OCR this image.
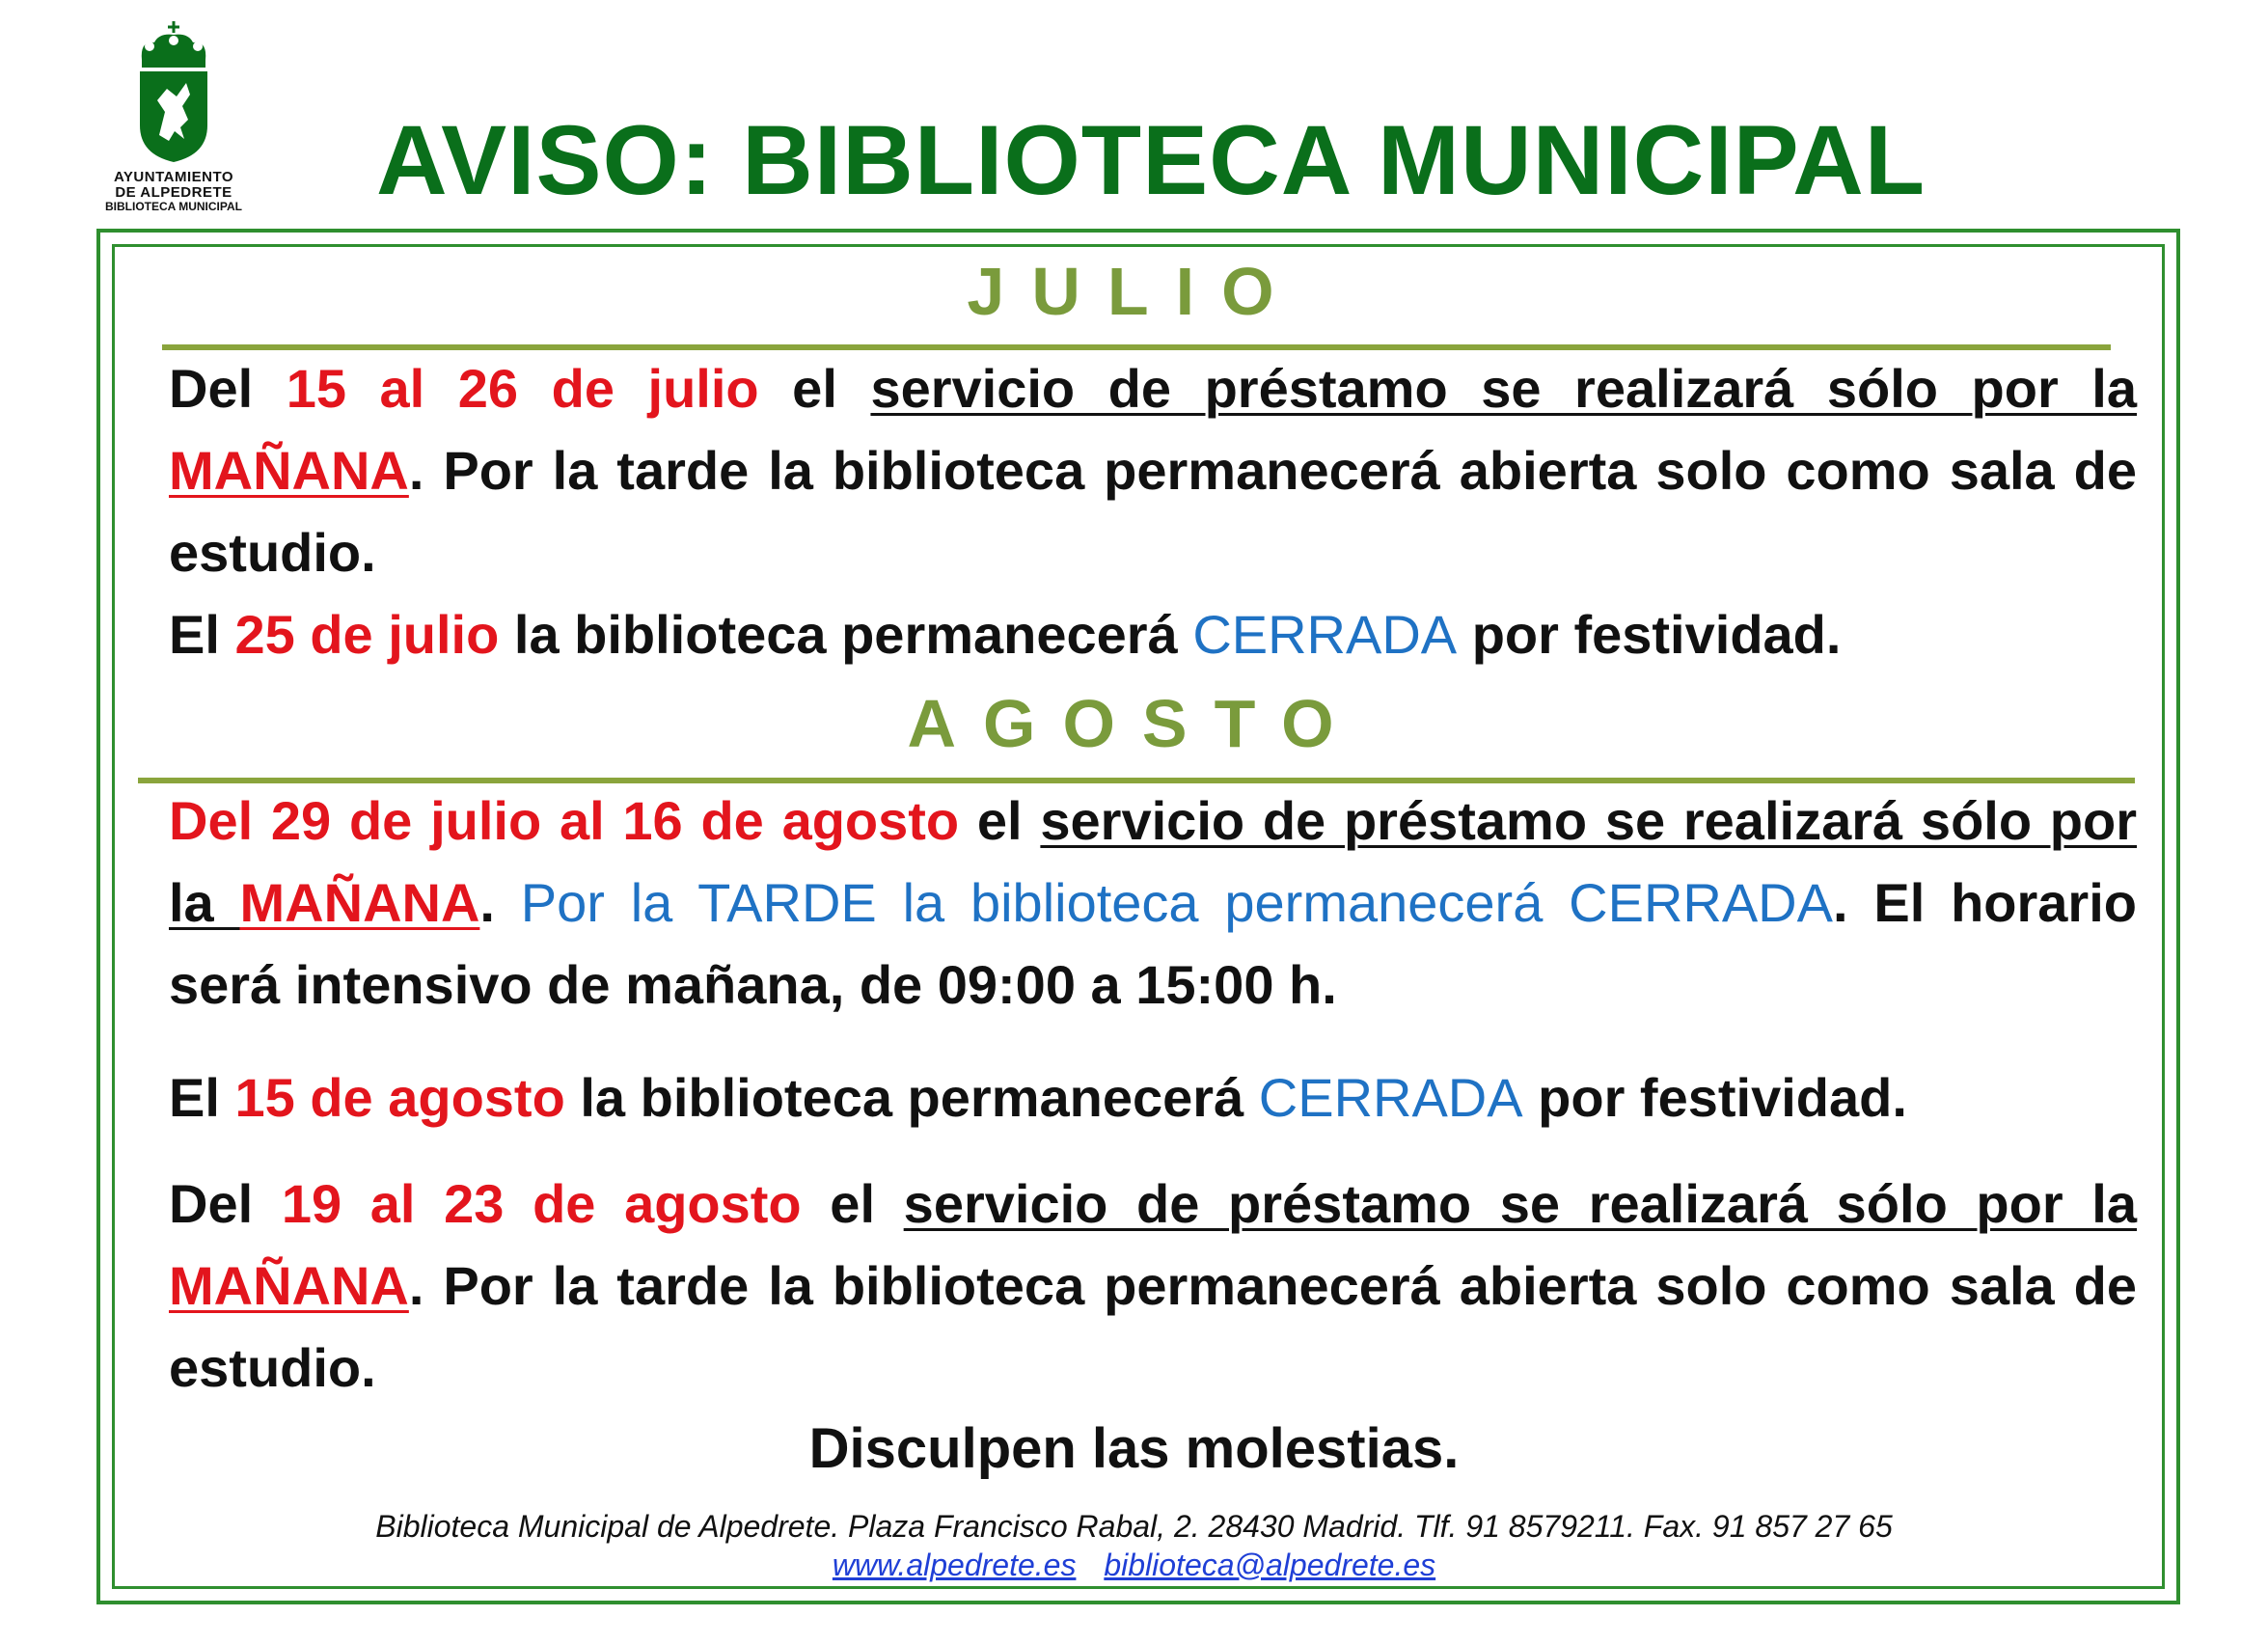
AYUNTAMIENTO
DE ALPEDRETE
BIBLIOTECA MUNICIPAL AVISO: BIBLIOTECA MUNICIPAL
JULIO
Del 15 al 26 de julio el servicio de préstamo se realizará sólo por la MAÑANA. Por la tarde la biblioteca permanecerá abierta solo como sala de estudio.
El 25 de julio la biblioteca permanecerá CERRADA por festividad.
AGOSTO
Del 29 de julio al 16 de agosto el servicio de préstamo se realizará sólo por la MAÑANA. Por la TARDE la biblioteca permanecerá CERRADA. El horario será intensivo de mañana, de 09:00 a 15:00 h.
El 15 de agosto la biblioteca permanecerá CERRADA por festividad.
Del 19 al 23 de agosto el servicio de préstamo se realizará sólo por la MAÑANA. Por la tarde la biblioteca permanecerá abierta solo como sala de estudio.
Disculpen las molestias.
Biblioteca Municipal de Alpedrete. Plaza Francisco Rabal, 2. 28430 Madrid. Tlf. 91 8579211. Fax. 91 857 27 65
www.alpedrete.es biblioteca@alpedrete.es
